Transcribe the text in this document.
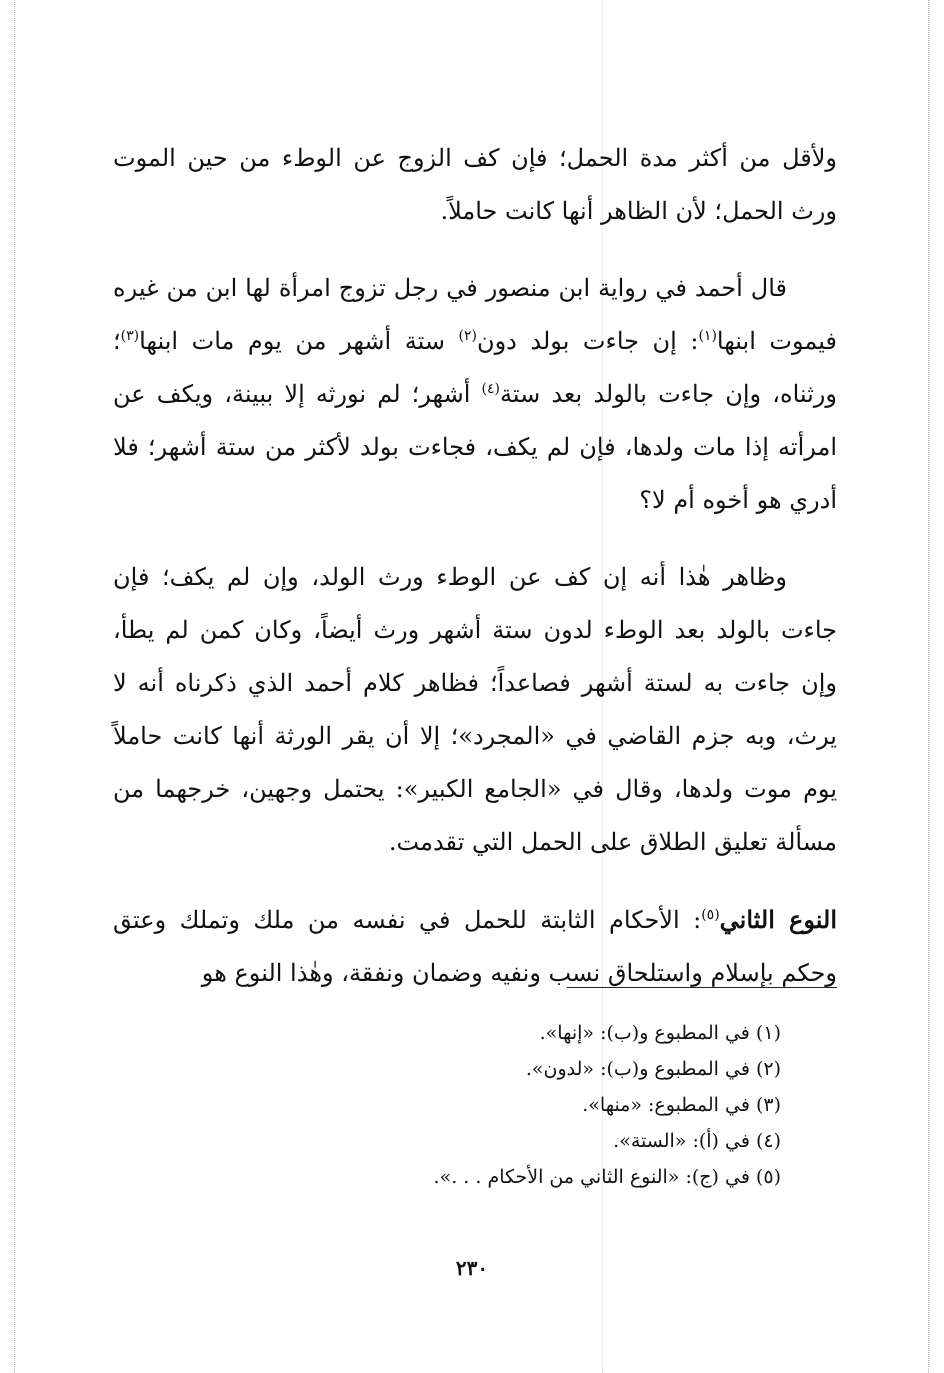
ولأقل من أكثر مدة الحمل؛ فإن كف الزوج عن الوطء من حين الموت ورث الحمل؛ لأن الظاهر أنها كانت حاملاً.

قال أحمد في رواية ابن منصور في رجل تزوج امرأة لها ابن من غيره فيموت ابنها$^{(١)}$: إن جاءت بولد دون$^{(٢)}$ ستة أشهر من يوم مات ابنها$^{(٣)}$؛ ورثناه، وإن جاءت بالولد بعد ستة$^{(٤)}$ أشهر؛ لم نورثه إلا ببينة، ويكف عن امرأته إذا مات ولدها، فإن لم يكف، فجاءت بولد لأكثر من ستة أشهر؛ فلا أدري هو أخوه أم لا؟

وظاهر هٰذا أنه إن كف عن الوطء ورث الولد، وإن لم يكف؛ فإن جاءت بالولد بعد الوطء لدون ستة أشهر ورث أيضاً، وكان كمن لم يطأ، وإن جاءت به لستة أشهر فصاعداً؛ فظاهر كلام أحمد الذي ذكرناه أنه لا يرث، وبه جزم القاضي في «المجرد»؛ إلا أن يقر الورثة أنها كانت حاملاً يوم موت ولدها، وقال في «الجامع الكبير»: يحتمل وجهين، خرجهما من مسألة تعليق الطلاق على الحمل التي تقدمت.

النوع الثاني$^{(٥)}$: الأحكام الثابتة للحمل في نفسه من ملك وتملك وعتق وحكم بإسلام واستلحاق نسب ونفيه وضمان ونفقة، وهٰذا النوع هو

(١) في المطبوع و(ب): «إنها».
(٢) في المطبوع و(ب): «لدون».
(٣) في المطبوع: «منها».
(٤) في (أ): «الستة».
(٥) في (ج): «النوع الثاني من الأحكام . . .».
٢٣٠
